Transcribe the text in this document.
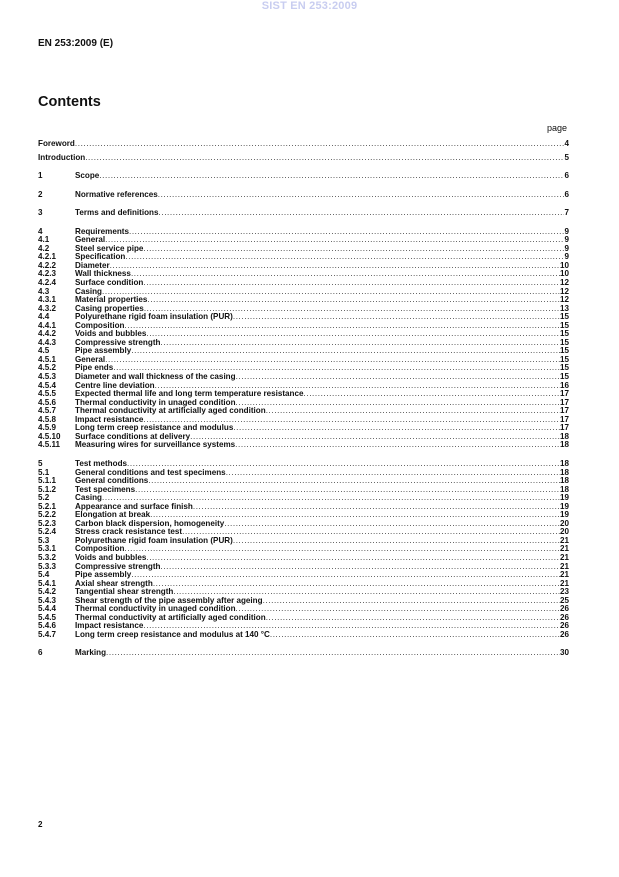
SIST EN 253:2009
EN 253:2009 (E)
Contents
page
Foreword .....	4
Introduction .....	5
1	Scope .....	6
2	Normative references .....	6
3	Terms and definitions .....	7
4	Requirements .....	9
4.1	General .....	9
4.2	Steel service pipe .....	9
4.2.1 Specification .....	9
4.2.2 Diameter .....	10
4.2.3 Wall thickness .....	10
4.2.4 Surface condition .....	12
4.3	Casing .....	12
4.3.1 Material properties .....	12
4.3.2 Casing properties .....	13
4.4	Polyurethane rigid foam insulation (PUR) .....	15
4.4.1 Composition .....	15
4.4.2 Voids and bubbles .....	15
4.4.3 Compressive strength .....	15
4.5	Pipe assembly .....	15
4.5.1 General .....	15
4.5.2 Pipe ends .....	15
4.5.3 Diameter and wall thickness of the casing .....	15
4.5.4 Centre line deviation .....	16
4.5.5 Expected thermal life and long term temperature resistance .....	17
4.5.6 Thermal conductivity in unaged condition .....	17
4.5.7 Thermal conductivity at artificially aged condition .....	17
4.5.8 Impact resistance .....	17
4.5.9 Long term creep resistance and modulus .....	17
4.5.10 Surface conditions at delivery .....	18
4.5.11 Measuring wires for surveillance systems .....	18
5	Test methods .....	18
5.1	General conditions and test specimens .....	18
5.1.1 General conditions .....	18
5.1.2 Test specimens .....	18
5.2	Casing .....	19
5.2.1 Appearance and surface finish .....	19
5.2.2 Elongation at break .....	19
5.2.3 Carbon black dispersion, homogeneity .....	20
5.2.4 Stress crack resistance test .....	20
5.3	Polyurethane rigid foam insulation (PUR) .....	21
5.3.1 Composition .....	21
5.3.2 Voids and bubbles .....	21
5.3.3 Compressive strength .....	21
5.4	Pipe assembly .....	21
5.4.1 Axial shear strength .....	21
5.4.2 Tangential shear strength .....	23
5.4.3 Shear strength of the pipe assembly after ageing .....	25
5.4.4 Thermal conductivity in unaged condition .....	26
5.4.5 Thermal conductivity at artificially aged condition .....	26
5.4.6 Impact resistance .....	26
5.4.7 Long term creep resistance and modulus at 140 °C .....	26
6	Marking .....	30
2
